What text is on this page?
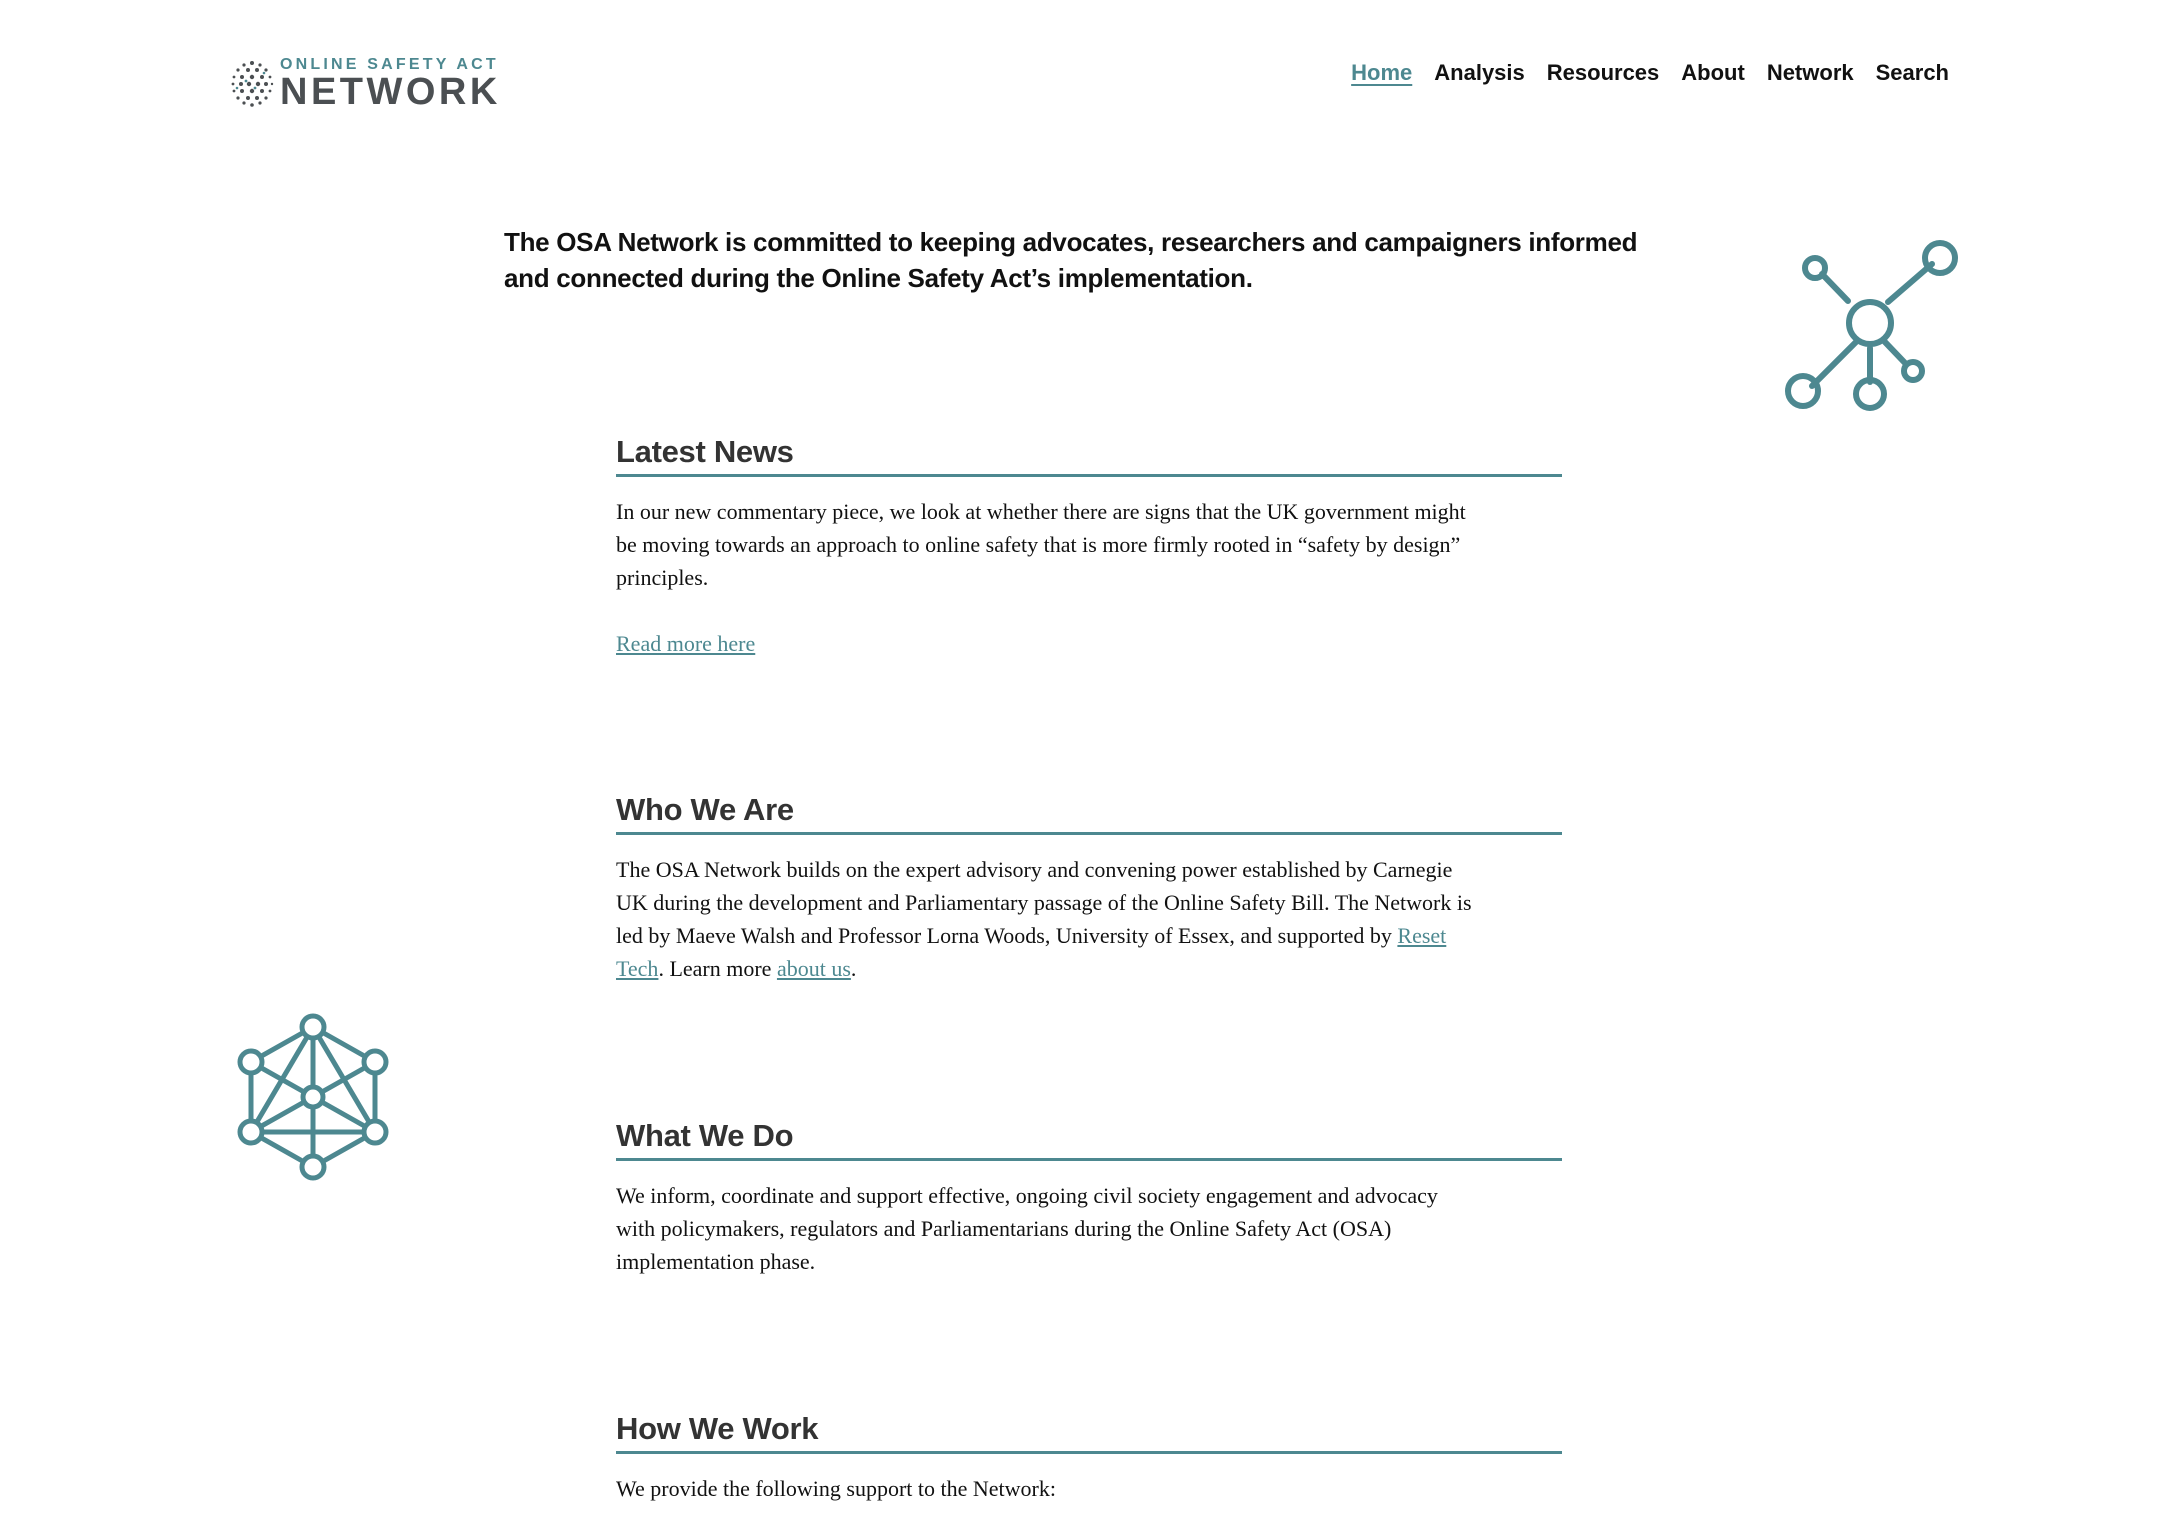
ONLINE SAFETY ACT
NETWORK	Home Analysis Resources About Network Search

The OSA Network is committed to keeping advocates, researchers and campaigners informed and connected during the Online Safety Act’s implementation.

Latest News

In our new commentary piece, we look at whether there are signs that the UK government might be moving towards an approach to online safety that is more firmly rooted in “safety by design” principles.

Read more here

Who We Are

The OSA Network builds on the expert advisory and convening power established by Carnegie UK during the development and Parliamentary passage of the Online Safety Bill. The Network is led by Maeve Walsh and Professor Lorna Woods, University of Essex, and supported by Reset Tech. Learn more about us.

What We Do

We inform, coordinate and support effective, ongoing civil society engagement and advocacy with policymakers, regulators and Parliamentarians during the Online Safety Act (OSA) implementation phase.

How We Work

We provide the following support to the Network:
